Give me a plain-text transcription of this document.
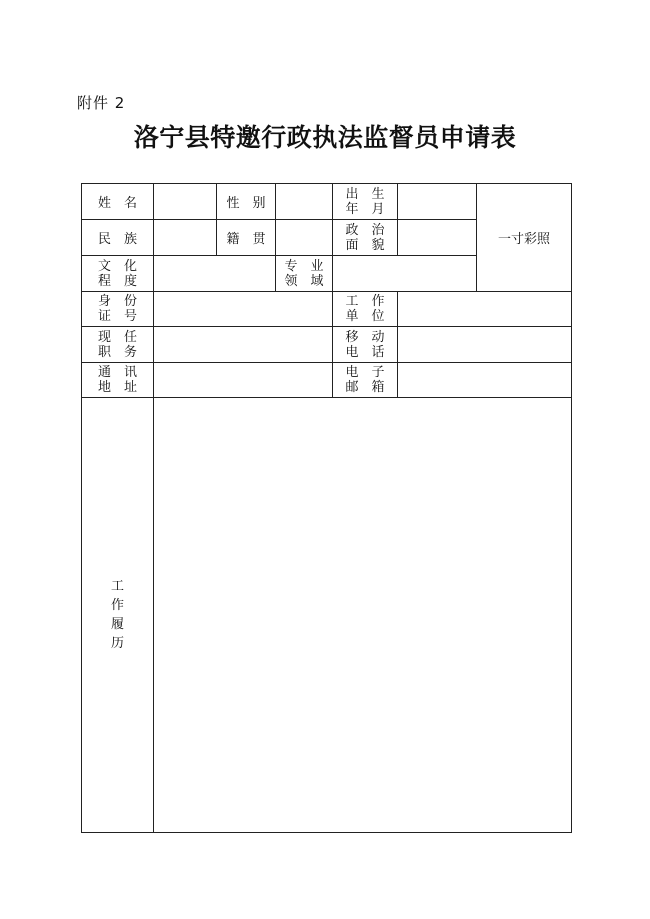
附件 2
洛宁县特邀行政执法监督员申请表
姓　名	性　别
出　生
年　月
一寸彩照
民　族	籍　贯
政　治
面　貌
文　化
程　度
专　业
领　域
身　份
证　号
工　作
单　位
现　任
职　务
移　动
电　话
通　讯
地　址
电　子
邮　箱
工
作
履
历
